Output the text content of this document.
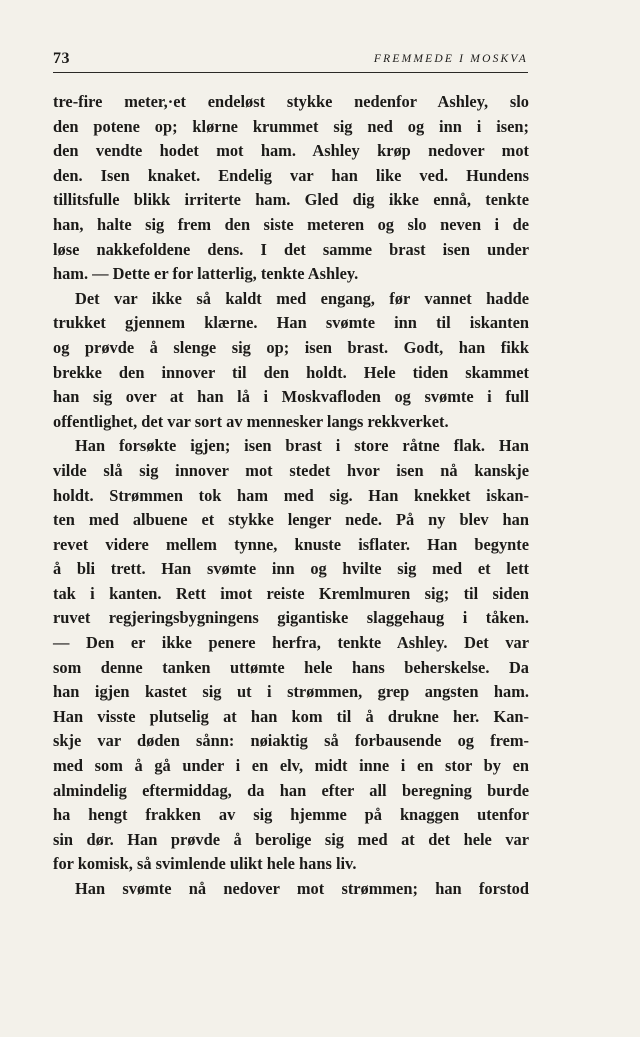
73	FREMMEDE I MOSKVA
tre-fire meter,·et endeløst stykke nedenfor Ashley, slo
den potene op; klørne krummet sig ned og inn i isen;
den vendte hodet mot ham. Ashley krøp nedover mot
den. Isen knaket. Endelig var han like ved. Hundens
tillitsfulle blikk irriterte ham. Gled dig ikke ennå, tenkte
han, halte sig frem den siste meteren og slo neven i de
løse nakkefoldene dens. I det samme brast isen under
ham. — Dette er for latterlig, tenkte Ashley.
Det var ikke så kaldt med engang, før vannet hadde
trukket gjennem klærne. Han svømte inn til iskanten
og prøvde å slenge sig op; isen brast. Godt, han fikk
brekke den innover til den holdt. Hele tiden skammet
han sig over at han lå i Moskvafloden og svømte i full
offentlighet, det var sort av mennesker langs rekkverket.
Han forsøkte igjen; isen brast i store råtne flak. Han
vilde slå sig innover mot stedet hvor isen nå kanskje
holdt. Strømmen tok ham med sig. Han knekket iskan-
ten med albuene et stykke lenger nede. På ny blev han
revet videre mellem tynne, knuste isflater. Han begynte
å bli trett. Han svømte inn og hvilte sig med et lett
tak i kanten. Rett imot reiste Kremlmuren sig; til siden
ruvet regjeringsbygningens gigantiske slaggehaug i tåken.
— Den er ikke penere herfra, tenkte Ashley. Det var
som denne tanken uttømte hele hans beherskelse. Da
han igjen kastet sig ut i strømmen, grep angsten ham.
Han visste plutselig at han kom til å drukne her. Kan-
skje var døden sånn: nøiaktig så forbausende og frem-
med som å gå under i en elv, midt inne i en stor by en
almindelig eftermiddag, da han efter all beregning burde
ha hengt frakken av sig hjemme på knaggen utenfor
sin dør. Han prøvde å berolige sig med at det hele var
for komisk, så svimlende ulikt hele hans liv.
Han svømte nå nedover mot strømmen; han forstod
